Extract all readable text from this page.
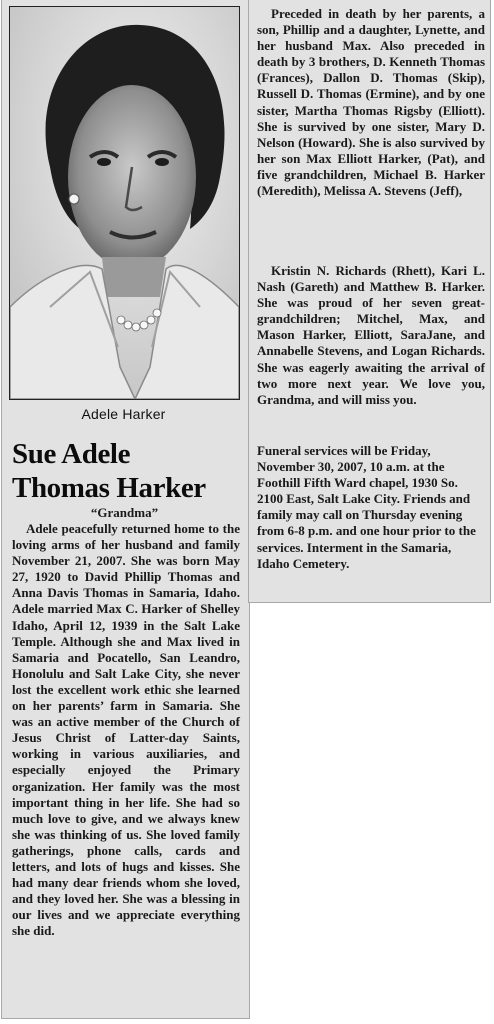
Adele Harker
Sue Adele
Thomas Harker
“Grandma”

Adele peacefully returned home to the loving arms of her husband and family November 21, 2007. She was born May 27, 1920 to David Phillip Thomas and Anna Davis Thomas in Samaria, Idaho. Adele married Max C. Harker of Shelley Idaho, April 12, 1939 in the Salt Lake Temple. Although she and Max lived in Samaria and Pocatello, San Leandro, Honolulu and Salt Lake City, she never lost the excellent work ethic she learned on her parents’ farm in Samaria. She was an active member of the Church of Jesus Christ of Latter-day Saints, working in various auxiliaries, and especially enjoyed the Primary organization. Her family was the most important thing in her life. She had so much love to give, and we always knew she was thinking of us. She loved family gatherings, phone calls, cards and letters, and lots of hugs and kisses. She had many dear friends whom she loved, and they loved her. She was a blessing in our lives and we appreciate everything she did.

Preceded in death by her parents, a son, Phillip and a daughter, Lynette, and her husband Max. Also preceded in death by 3 brothers, D. Kenneth Thomas (Frances), Dallon D. Thomas (Skip), Russell D. Thomas (Ermine), and by one sister, Martha Thomas Rigsby (Elliott). She is survived by one sister, Mary D. Nelson (Howard). She is also survived by her son Max Elliott Harker, (Pat), and five grandchildren, Michael B. Harker (Meredith), Melissa A. Stevens (Jeff),

Kristin N. Richards (Rhett), Kari L. Nash (Gareth) and Matthew B. Harker. She was proud of her seven great-grandchildren; Mitchel, Max, and Mason Harker, Elliott, SaraJane, and Annabelle Stevens, and Logan Richards. She was eagerly awaiting the arrival of two more next year. We love you, Grandma, and will miss you.

Funeral services will be Friday, November 30, 2007, 10 a.m. at the Foothill Fifth Ward chapel, 1930 So. 2100 East, Salt Lake City. Friends and family may call on Thursday evening from 6-8 p.m. and one hour prior to the services. Interment in the Samaria, Idaho Cemetery.
